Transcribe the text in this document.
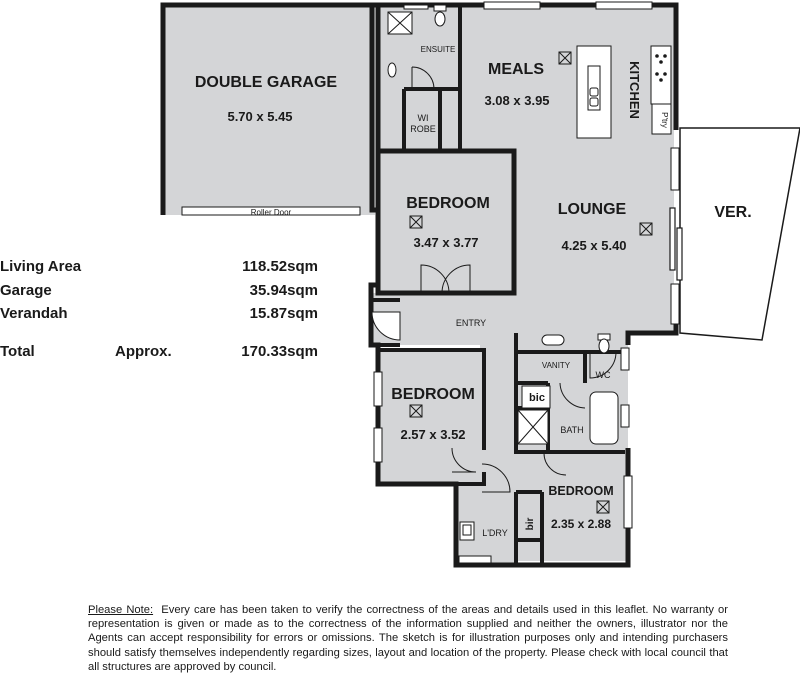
Roller Door
DOUBLE GARAGE
5.70 x 5.45
ENSUITE
WI
ROBE
MEALS
3.08 x 3.95	KITCHEN
P'try
BEDROOM
3.47 x 3.77
LOUNGE
4.25 x 5.40
VER.
ENTRY
VANITY
WC
bic
BATH
BEDROOM
2.57 x 3.52
BEDROOM
2.35 x 2.88
bir
L'DRY
Living Area	118.52sqm
Garage	35.94sqm
Verandah	15.87sqm
Total	Approx.	170.33sqm
Please Note: Every care has been taken to verify the correctness of the areas and details used in this leaflet. No warranty or representation is given or made as to the correctness of the information supplied and neither the owners, illustrator nor the Agents can accept responsibility for errors or omissions. The sketch is for illustration purposes only and intending purchasers should satisfy themselves independently regarding sizes, layout and location of the property. Please check with local council that all structures are approved by council.
